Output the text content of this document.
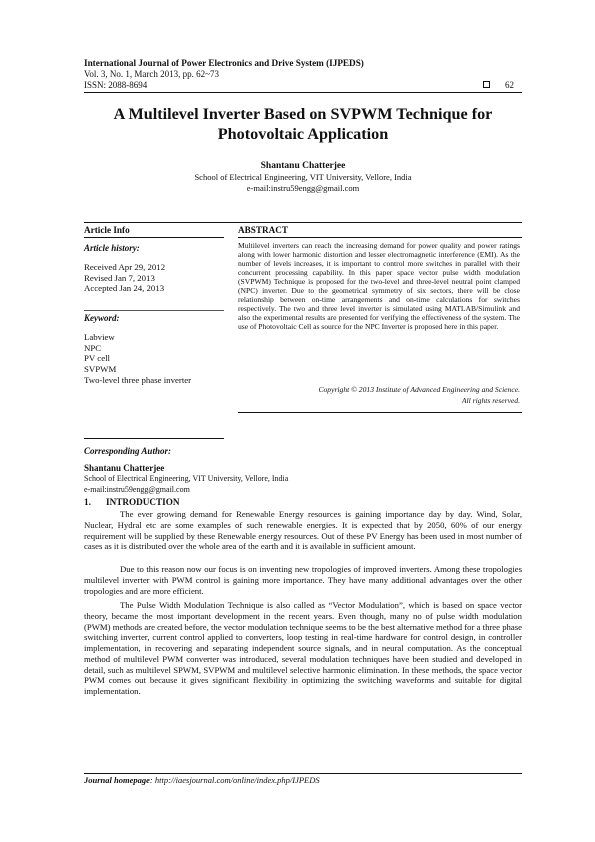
International Journal of Power Electronics and Drive System (IJPEDS)
Vol. 3, No. 1, March 2013, pp. 62~73
ISSN: 2088-8694	62
A Multilevel Inverter Based on SVPWM Technique for
Photovoltaic Application
Shantanu Chatterjee
School of Electrical Engineering, VIT University, Vellore, India
e-mail:instru59engg@gmail.com
Article Info	ABSTRACT
Article history:
Received Apr 29, 2012
Revised Jan 7, 2013
Accepted Jan 24, 2013
Keyword:
Labview
NPC
PV cell
SVPWM
Two-level three phase inverter

Multilevel inverters can reach the increasing demand for power quality and power ratings along with lower harmonic distortion and lesser electromagnetic interference (EMI). As the number of levels increases, it is important to control more switches in parallel with their concurrent processing capability. In this paper space vector pulse width modulation (SVPWM) Technique is proposed for the two-level and three-level neutral point clamped (NPC) inverter. Due to the geometrical symmetry of six sectors, there will be close relationship between on-time arrangements and on-time calculations for switches respectively. The two and three level inverter is simulated using MATLAB/Simulink and also the experimental results are presented for verifying the effectiveness of the system. The use of Photovoltaic Cell as source for the NPC Inverter is proposed here in this paper.

Copyright © 2013 Institute of Advanced Engineering and Science.
All rights reserved.
Corresponding Author:
Shantanu Chatterjee
School of Electrical Engineering, VIT University, Vellore, India
e-mail:instru59engg@gmail.com
1. INTRODUCTION

The ever growing demand for Renewable Energy resources is gaining importance day by day. Wind, Solar, Nuclear, Hydral etc are some examples of such renewable energies. It is expected that by 2050, 60% of our energy requirement will be supplied by these Renewable energy resources. Out of these PV Energy has been used in most number of cases as it is distributed over the whole area of the earth and it is available in sufficient amount.

Due to this reason now our focus is on inventing new tropologies of improved inverters. Among these tropologies multilevel inverter with PWM control is gaining more importance. They have many additional advantages over the other tropologies and are more efficient.

The Pulse Width Modulation Technique is also called as “Vector Modulation”, which is based on space vector theory, became the most important development in the recent years. Even though, many no of pulse width modulation (PWM) methods are created before, the vector modulation technique seems to be the best alternative method for a three phase switching inverter, current control applied to converters, loop testing in real-time hardware for control design, in controller implementation, in recovering and separating independent source signals, and in neural computation. As the conceptual method of multilevel PWM converter was introduced, several modulation techniques have been studied and developed in detail, such as multilevel SPWM, SVPWM and multilevel selective harmonic elimination. In these methods, the space vector PWM comes out because it gives significant flexibility in optimizing the switching waveforms and suitable for digital implementation.

Journal homepage: http://iaesjournal.com/online/index.php/IJPEDS
